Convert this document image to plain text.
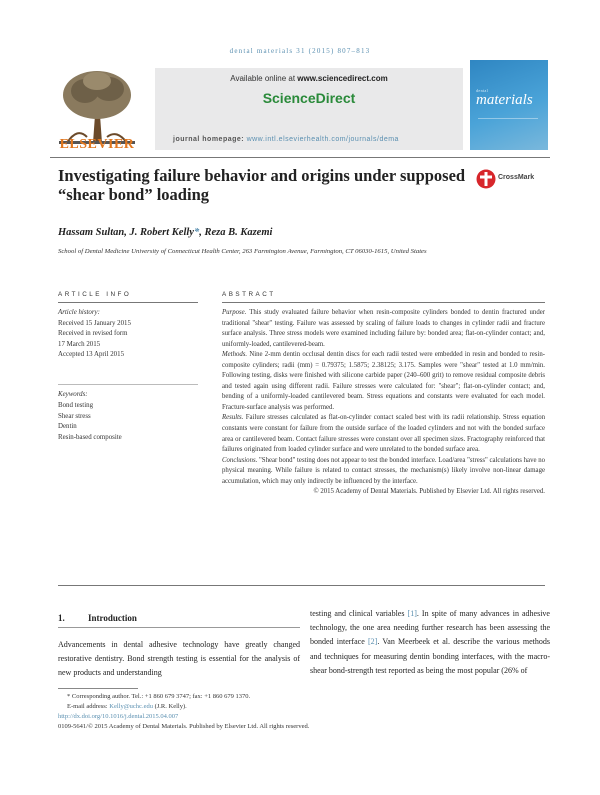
dental materials 31 (2015) 807–813
ELSEVIER
Available online at www.sciencedirect.com
ScienceDirect
journal homepage: www.intl.elsevierhealth.com/journals/dema
dental
materials
Investigating failure behavior and origins under supposed “shear bond” loading
CrossMark
Hassam Sultan, J. Robert Kelly*, Reza B. Kazemi
School of Dental Medicine University of Connecticut Health Center, 263 Farmington Avenue, Farmington, CT 06030-1615, United States
ARTICLE INFO
Article history:
Received 15 January 2015
Received in revised form
17 March 2015
Accepted 13 April 2015
Keywords:
Bond testing
Shear stress
Dentin
Resin-based composite
ABSTRACT

Purpose. This study evaluated failure behavior when resin-composite cylinders bonded to dentin fractured under traditional "shear" testing. Failure was assessed by scaling of failure loads to changes in cylinder radii and fracture surface analysis. Three stress models were examined including failure by: bonded area; flat-on-cylinder contact; and, uniformly-loaded, cantilevered-beam.

Methods. Nine 2-mm dentin occlusal dentin discs for each radii tested were embedded in resin and bonded to resin-composite cylinders; radii (mm) = 0.79375; 1.5875; 2.38125; 3.175. Samples were "shear" tested at 1.0 mm/min. Following testing, disks were finished with silicone carbide paper (240–600 grit) to remove residual composite debris and tested again using different radii. Failure stresses were calculated for: "shear"; flat-on-cylinder contact; and, bending of a uniformly-loaded cantilevered beam. Stress equations and constants were evaluated for each model. Fracture-surface analysis was performed.

Results. Failure stresses calculated as flat-on-cylinder contact scaled best with its radii relationship. Stress equation constants were constant for failure from the outside surface of the loaded cylinders and not with the bonded surface area or cantilevered beam. Contact failure stresses were constant over all specimen sizes. Fractography reinforced that failures originated from loaded cylinder surface and were unrelated to the bonded surface area.

Conclusions. "Shear bond" testing does not appear to test the bonded interface. Load/area "stress" calculations have no physical meaning. While failure is related to contact stresses, the mechanism(s) likely involve non-linear damage accumulation, which may only indirectly be influenced by the interface.

© 2015 Academy of Dental Materials. Published by Elsevier Ltd. All rights reserved.

1.	Introduction

Advancements in dental adhesive technology have greatly changed restorative dentistry. Bond strength testing is essential for the analysis of new products and understanding

testing and clinical variables [1]. In spite of many advances in adhesive technology, the one area needing further research has been assessing the bonded interface [2]. Van Meerbeek et al. describe the various methods and techniques for measuring dentin bonding interfaces, with the macro-shear bond-strength test reported as being the most popular (26% of

* Corresponding author. Tel.: +1 860 679 3747; fax: +1 860 679 1370.
E-mail address: Kelly@uchc.edu (J.R. Kelly).
http://dx.doi.org/10.1016/j.dental.2015.04.007
0109-5641/© 2015 Academy of Dental Materials. Published by Elsevier Ltd. All rights reserved.
